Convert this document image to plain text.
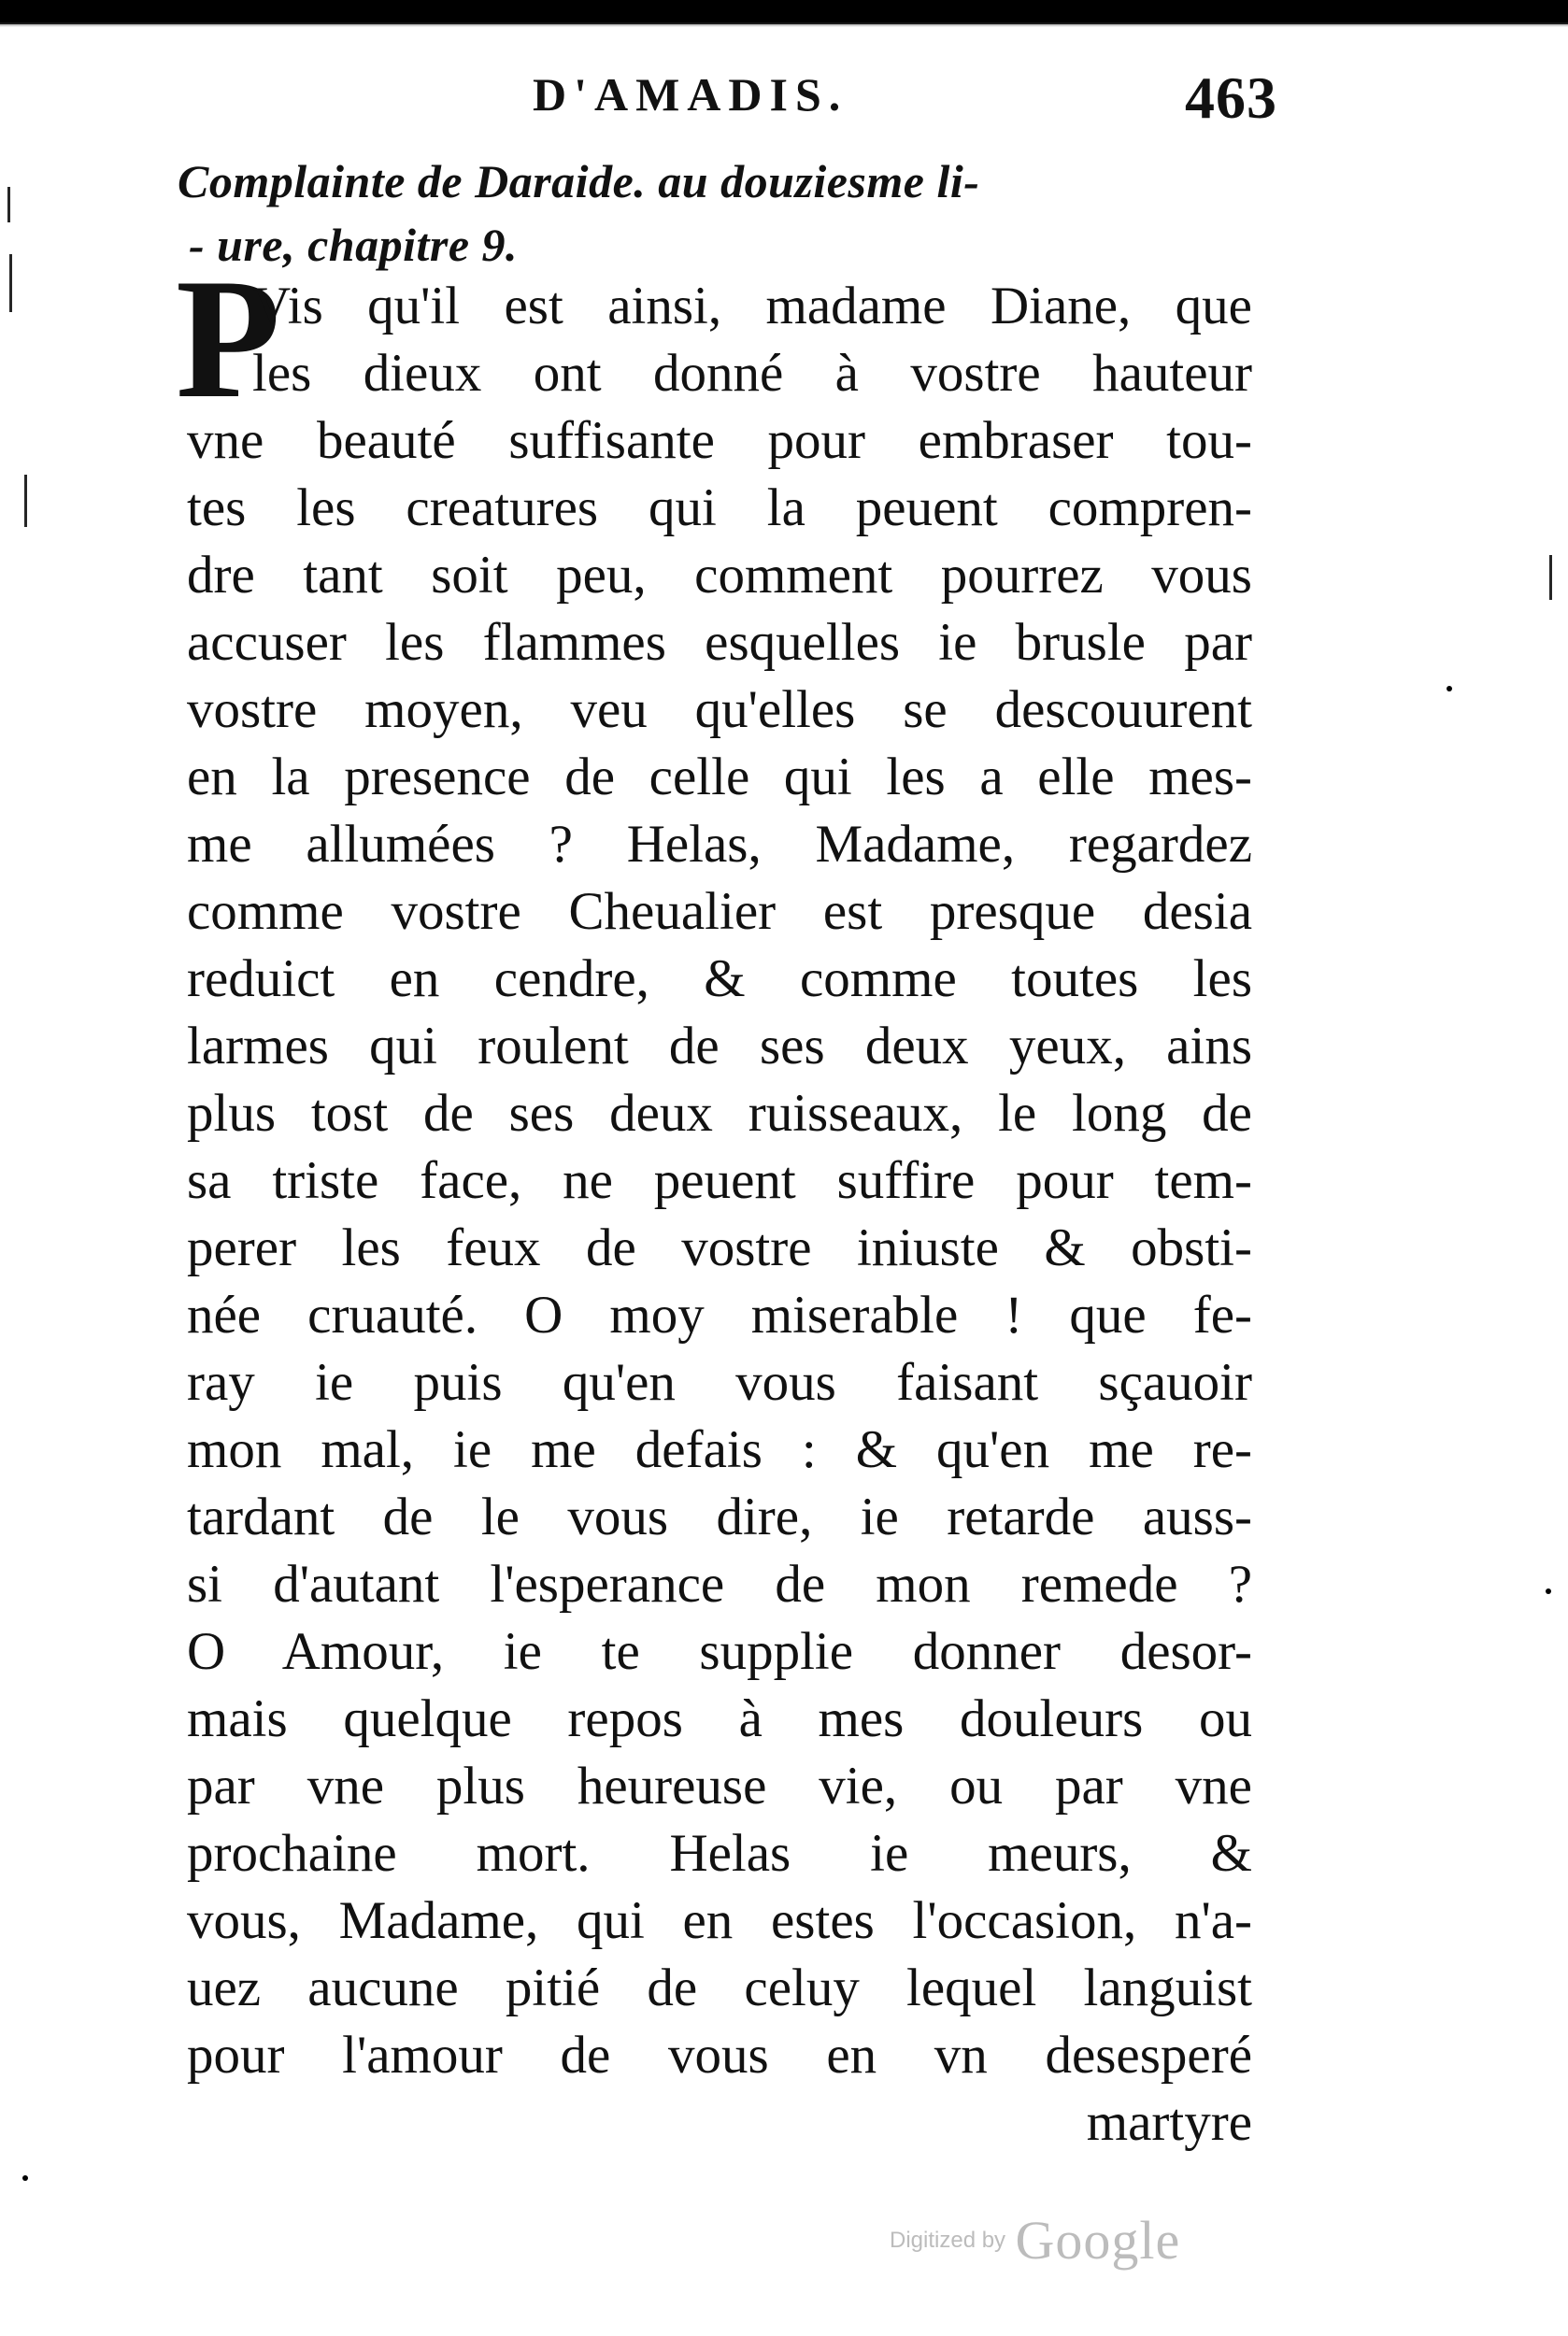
D'AMADIS.	463
Complainte de Daraide. au douziesme li-
- ure, chapitre 9.
P
Vis qu'il est ainsi, madame Diane, que
les dieux ont donné à vostre hauteur
vne beauté suffisante pour embraser tou-
tes les creatures qui la peuent compren-
dre tant soit peu, comment pourrez vous
accuser les flammes esquelles ie brusle par
vostre moyen, veu qu'elles se descouurent
en la presence de celle qui les a elle mes-
me allumées ? Helas, Madame, regardez
comme vostre Cheualier est presque desia
reduict en cendre, & comme toutes les
larmes qui roulent de ses deux yeux, ains
plus tost de ses deux ruisseaux, le long de
sa triste face, ne peuent suffire pour tem-
perer les feux de vostre iniuste & obsti-
née cruauté. O moy miserable ! que fe-
ray ie puis qu'en vous faisant sçauoir
mon mal, ie me defais : & qu'en me re-
tardant de le vous dire, ie retarde auss-
si d'autant l'esperance de mon remede ?
O Amour, ie te supplie donner desor-
mais quelque repos à mes douleurs ou
par vne plus heureuse vie, ou par vne
prochaine mort. Helas ie meurs, &
vous, Madame, qui en estes l'occasion, n'a-
uez aucune pitié de celuy lequel languist
pour l'amour de vous en vn desesperé
martyre
Digitized by Google
